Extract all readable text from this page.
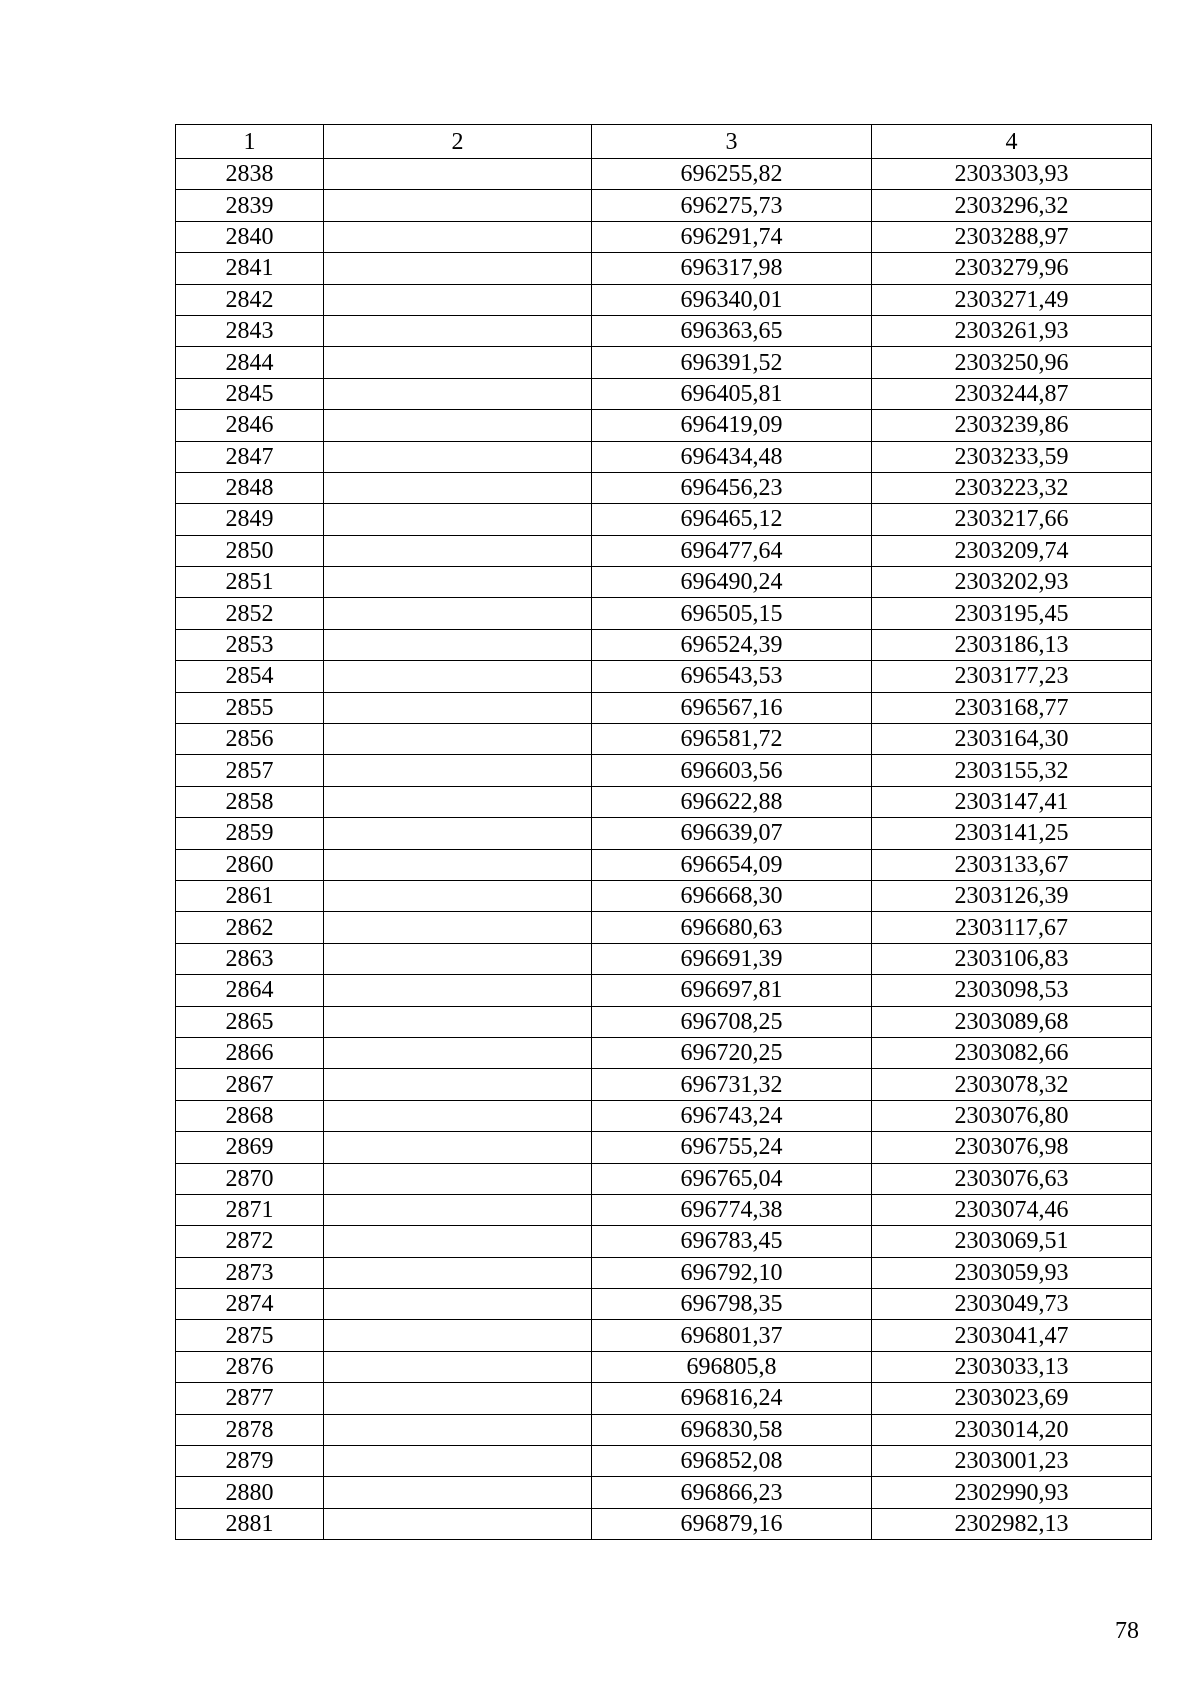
1	2	3	4
2838		696255,82	2303303,93
2839		696275,73	2303296,32
2840		696291,74	2303288,97
2841		696317,98	2303279,96
2842		696340,01	2303271,49
2843		696363,65	2303261,93
2844		696391,52	2303250,96
2845		696405,81	2303244,87
2846		696419,09	2303239,86
2847		696434,48	2303233,59
2848		696456,23	2303223,32
2849		696465,12	2303217,66
2850		696477,64	2303209,74
2851		696490,24	2303202,93
2852		696505,15	2303195,45
2853		696524,39	2303186,13
2854		696543,53	2303177,23
2855		696567,16	2303168,77
2856		696581,72	2303164,30
2857		696603,56	2303155,32
2858		696622,88	2303147,41
2859		696639,07	2303141,25
2860		696654,09	2303133,67
2861		696668,30	2303126,39
2862		696680,63	2303117,67
2863		696691,39	2303106,83
2864		696697,81	2303098,53
2865		696708,25	2303089,68
2866		696720,25	2303082,66
2867		696731,32	2303078,32
2868		696743,24	2303076,80
2869		696755,24	2303076,98
2870		696765,04	2303076,63
2871		696774,38	2303074,46
2872		696783,45	2303069,51
2873		696792,10	2303059,93
2874		696798,35	2303049,73
2875		696801,37	2303041,47
2876		696805,8	2303033,13
2877		696816,24	2303023,69
2878		696830,58	2303014,20
2879		696852,08	2303001,23
2880		696866,23	2302990,93
2881		696879,16	2302982,13
78
